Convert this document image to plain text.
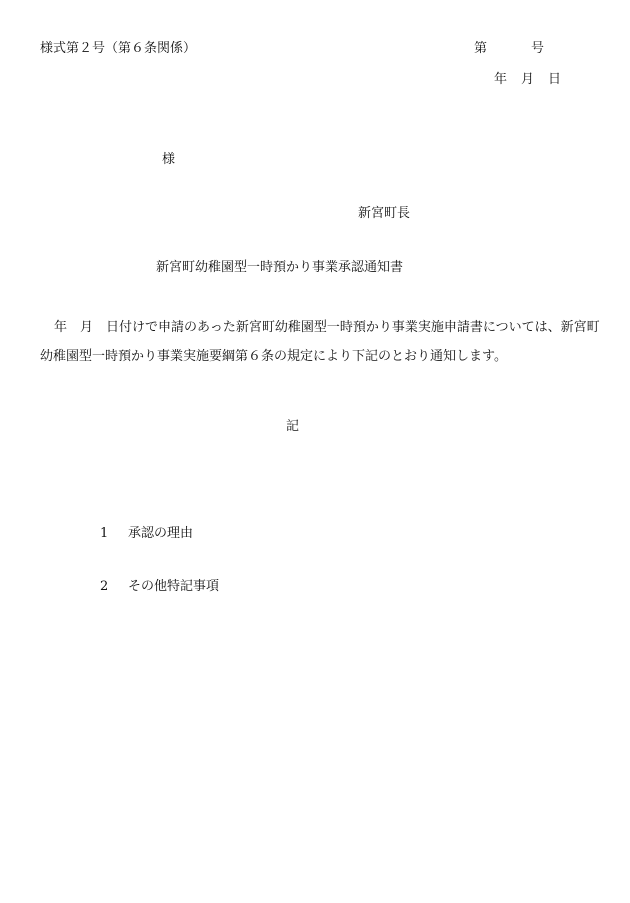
様式第２号（第６条関係）	第	号
年 月 日
様
新宮町長
新宮町幼稚園型一時預かり事業承認通知書

年　月　日付けで申請のあった新宮町幼稚園型一時預かり事業実施申請書については、新宮町幼稚園型一時預かり事業実施要綱第６条の規定により下記のとおり通知します。

記
1 承認の理由
2 その他特記事項
